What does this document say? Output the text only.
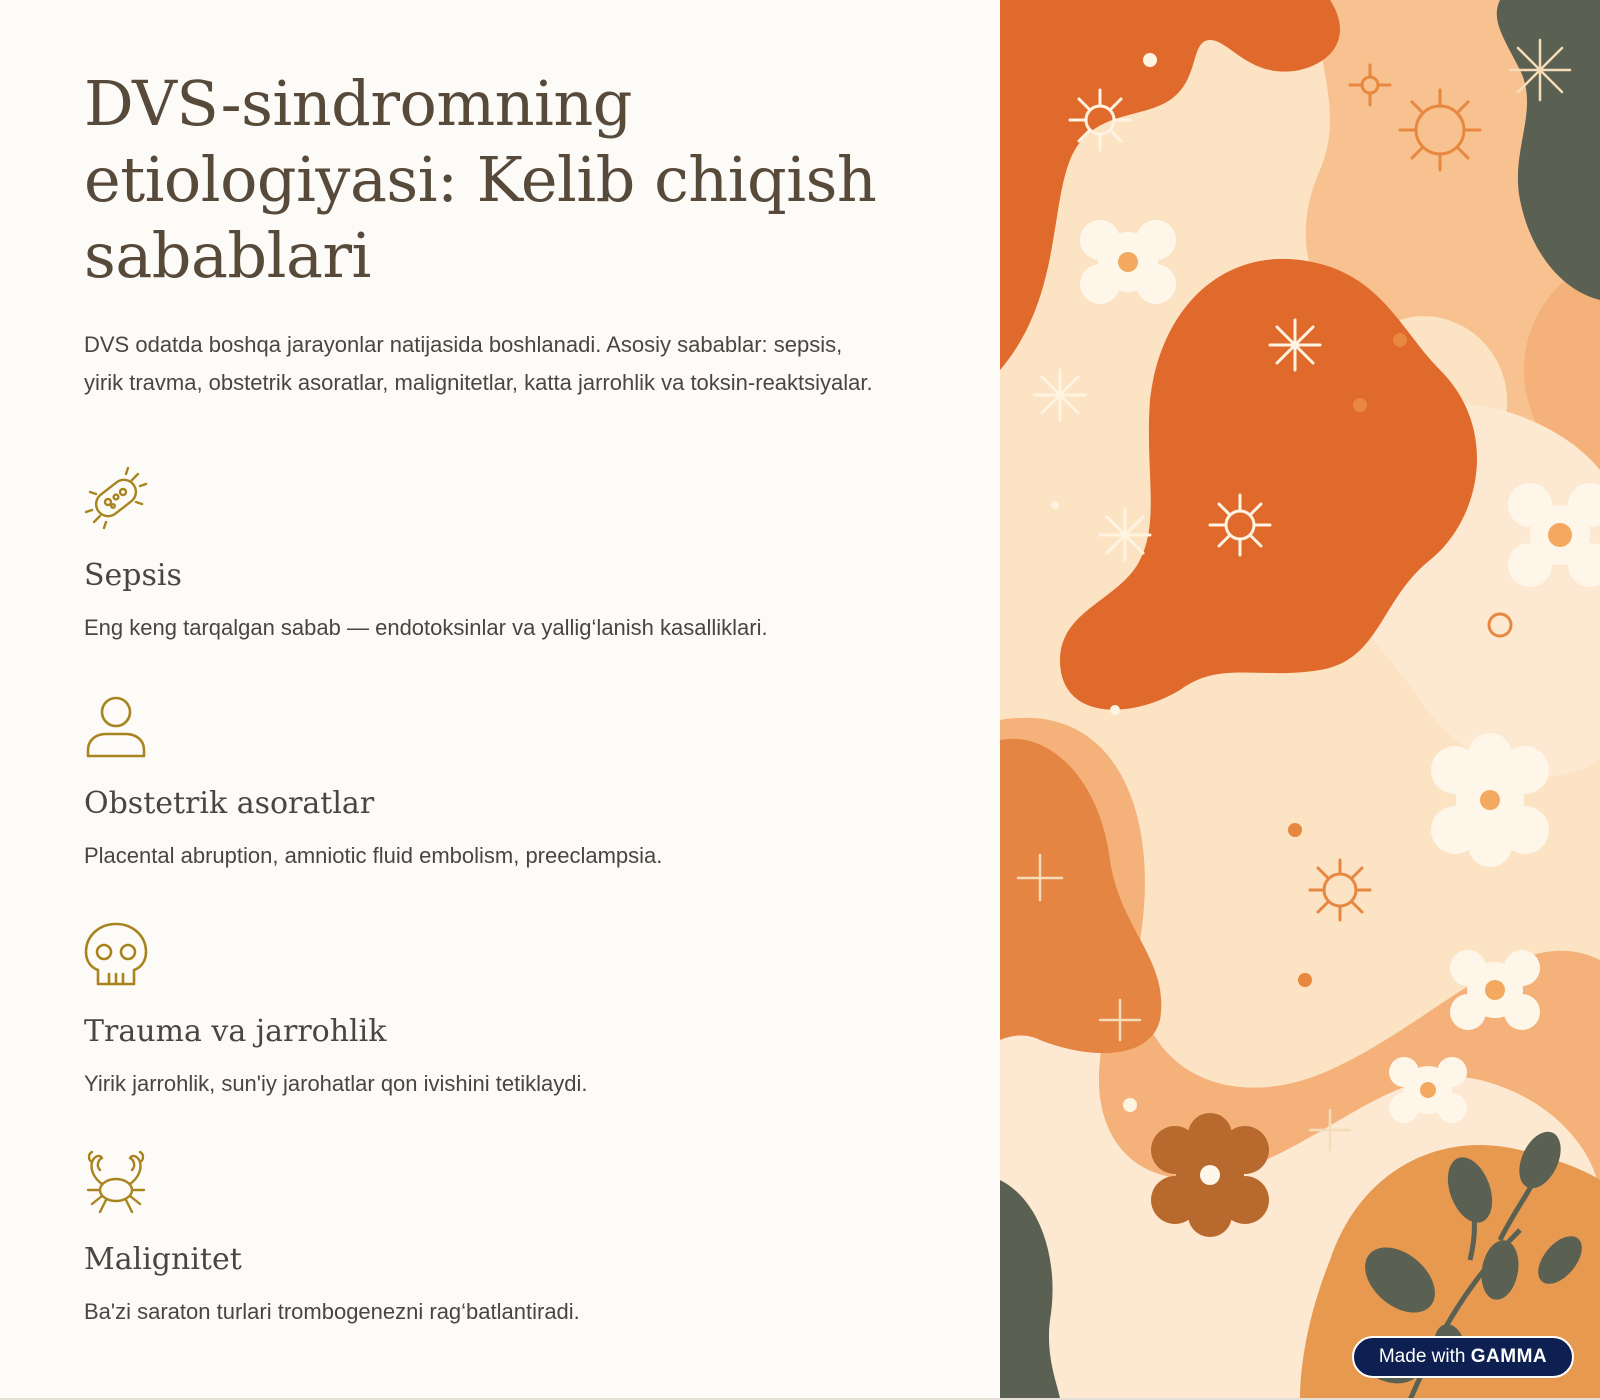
DVS-sindromning etiologiyasi: Kelib chiqish sabablari

DVS odatda boshqa jarayonlar natijasida boshlanadi. Asosiy sabablar: sepsis, yirik travma, obstetrik asoratlar, malignitetlar, katta jarrohlik va toksin-reaktsiyalar.

Sepsis

Eng keng tarqalgan sabab — endotoksinlar va yallig‘lanish kasalliklari.

Obstetrik asoratlar

Placental abruption, amniotic fluid embolism, preeclampsia.

Trauma va jarrohlik

Yirik jarrohlik, sun'iy jarohatlar qon ivishini tetiklaydi.

Malignitet

Ba'zi saraton turlari trombogenezni rag‘batlantiradi.

Made with GAMMA
